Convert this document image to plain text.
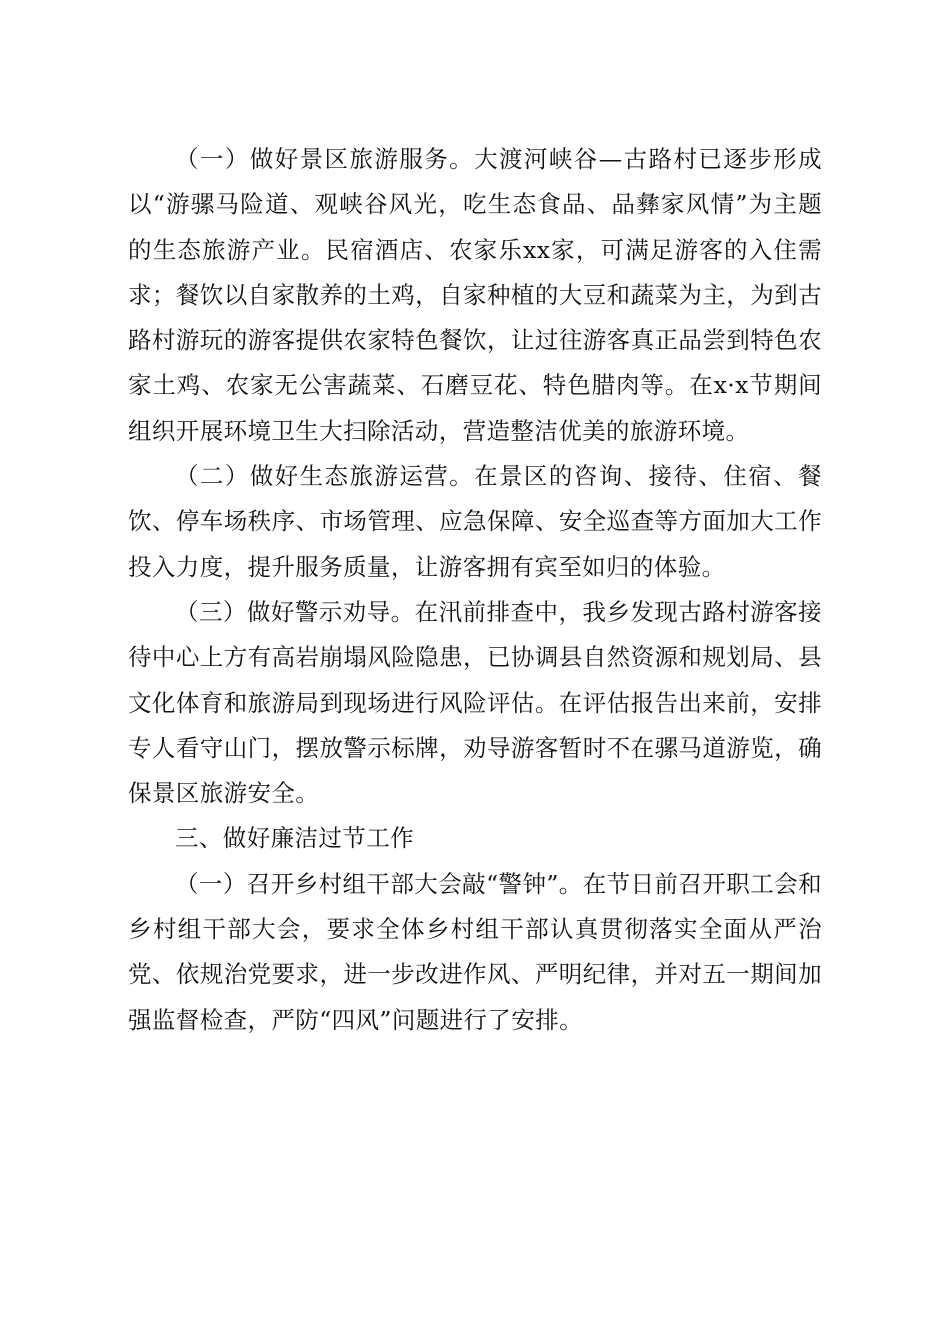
（一）做好景区旅游服务。大渡河峡谷—古路村已逐步形成以“游骡马险道、观峡谷风光，吃生态食品、品彝家风情”为主题的生态旅游产业。民宿酒店、农家乐xx家，可满足游客的入住需求；餐饮以自家散养的土鸡，自家种植的大豆和蔬菜为主，为到古路村游玩的游客提供农家特色餐饮，让过往游客真正品尝到特色农家土鸡、农家无公害蔬菜、石磨豆花、特色腊肉等。在x·x节期间组织开展环境卫生大扫除活动，营造整洁优美的旅游环境。

（二）做好生态旅游运营。在景区的咨询、接待、住宿、餐饮、停车场秩序、市场管理、应急保障、安全巡查等方面加大工作投入力度，提升服务质量，让游客拥有宾至如归的体验。

（三）做好警示劝导。在汛前排查中，我乡发现古路村游客接待中心上方有高岩崩塌风险隐患，已协调县自然资源和规划局、县文化体育和旅游局到现场进行风险评估。在评估报告出来前，安排专人看守山门，摆放警示标牌，劝导游客暂时不在骡马道游览，确保景区旅游安全。

三、做好廉洁过节工作

（一）召开乡村组干部大会敲“警钟”。在节日前召开职工会和乡村组干部大会，要求全体乡村组干部认真贯彻落实全面从严治党、依规治党要求，进一步改进作风、严明纪律，并对五一期间加强监督检查，严防“四风”问题进行了安排。
